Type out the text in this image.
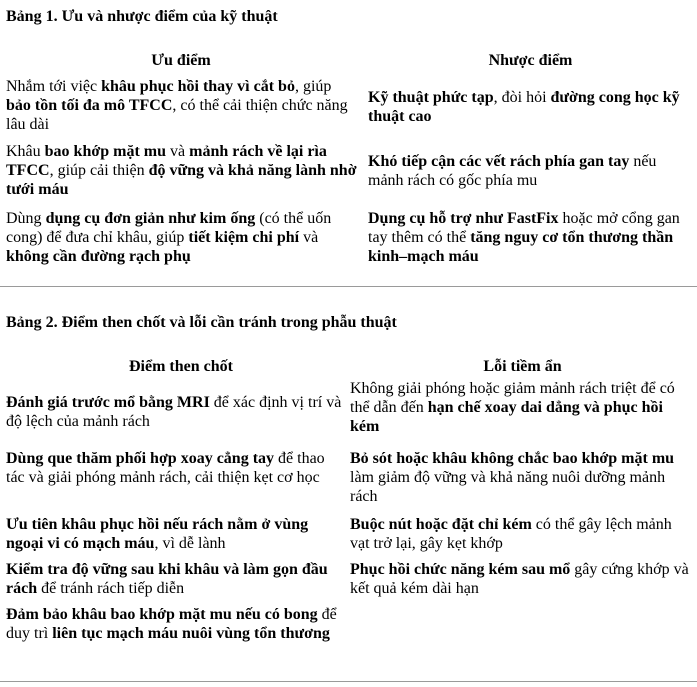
Bảng 1. Ưu và nhược điểm của kỹ thuật
Ưu điểm	Nhược điểm
Nhắm tới việc khâu phục hồi thay vì cắt bỏ, giúp bảo tồn tối đa mô TFCC, có thể cải thiện chức năng lâu dài
Kỹ thuật phức tạp, đòi hỏi đường cong học kỹ thuật cao
Khâu bao khớp mặt mu và mảnh rách về lại rìa TFCC, giúp cải thiện độ vững và khả năng lành nhờ tưới máu
Khó tiếp cận các vết rách phía gan tay nếu mảnh rách có gốc phía mu
Dùng dụng cụ đơn giản như kim ống (có thể uốn cong) để đưa chỉ khâu, giúp tiết kiệm chi phí và không cần đường rạch phụ
Dụng cụ hỗ trợ như FastFix hoặc mở cổng gan tay thêm có thể tăng nguy cơ tổn thương thần kinh–mạch máu
Bảng 2. Điểm then chốt và lỗi cần tránh trong phẫu thuật
Điểm then chốt	Lỗi tiềm ẩn
Đánh giá trước mổ bằng MRI để xác định vị trí và độ lệch của mảnh rách
Không giải phóng hoặc giảm mảnh rách triệt để có thể dẫn đến hạn chế xoay dai dẳng và phục hồi kém
Dùng que thăm phối hợp xoay cẳng tay để thao tác và giải phóng mảnh rách, cải thiện kẹt cơ học
Bỏ sót hoặc khâu không chắc bao khớp mặt mu làm giảm độ vững và khả năng nuôi dưỡng mảnh rách
Ưu tiên khâu phục hồi nếu rách nằm ở vùng ngoại vi có mạch máu, vì dễ lành
Buộc nút hoặc đặt chỉ kém có thể gây lệch mảnh vạt trở lại, gây kẹt khớp
Kiểm tra độ vững sau khi khâu và làm gọn đầu rách để tránh rách tiếp diễn
Phục hồi chức năng kém sau mổ gây cứng khớp và kết quả kém dài hạn
Đảm bảo khâu bao khớp mặt mu nếu có bong để duy trì liên tục mạch máu nuôi vùng tổn thương
